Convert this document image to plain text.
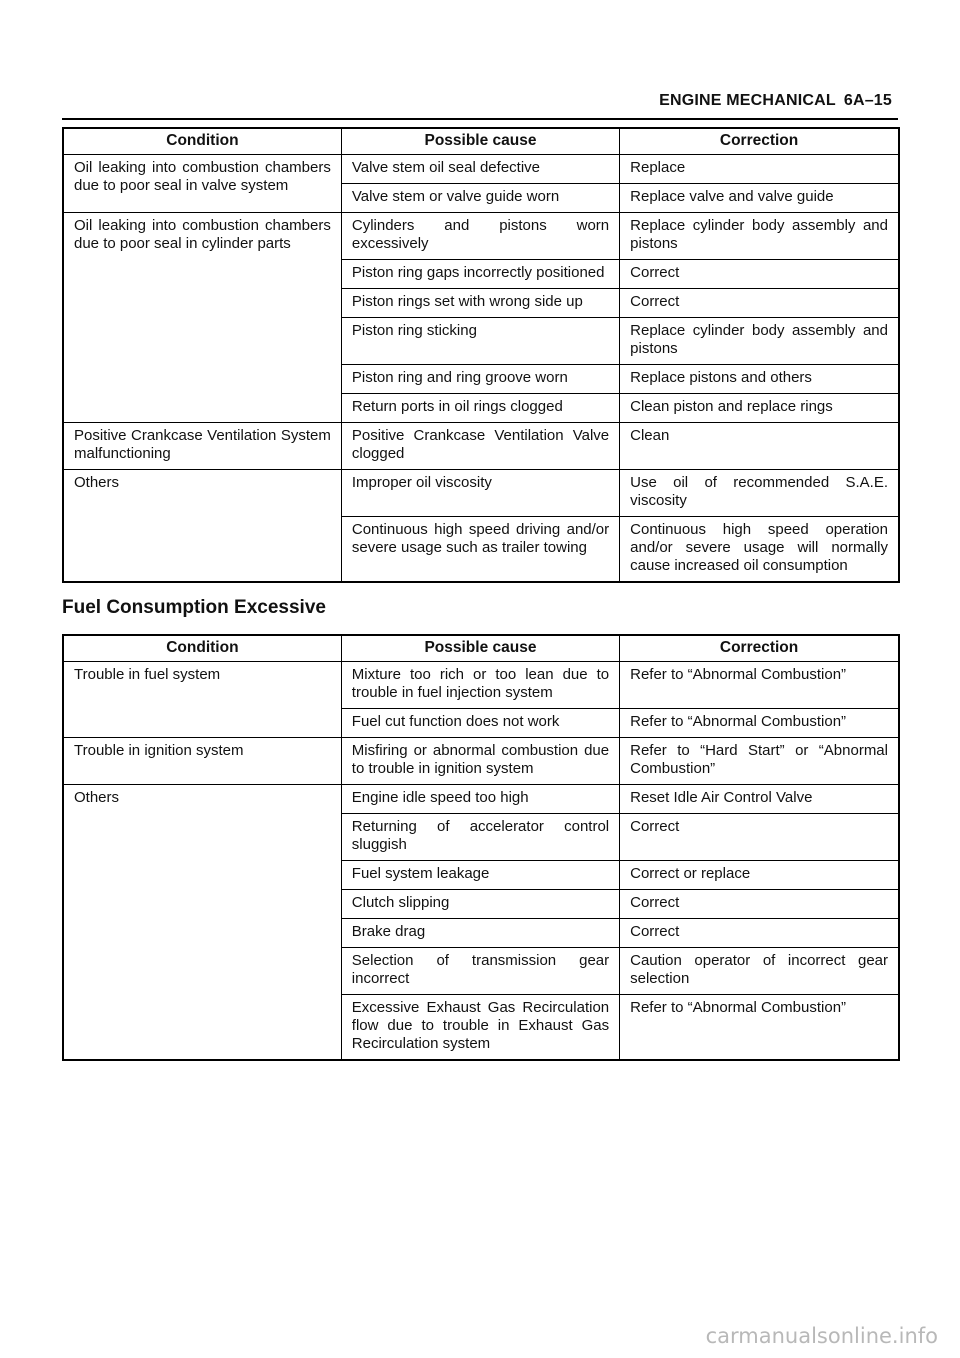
ENGINE MECHANICAL 6A–15
Condition	Possible cause	Correction
Oil leaking into combustion chambers due to poor seal in valve system	Valve stem oil seal defective	Replace
	Valve stem or valve guide worn	Replace valve and valve guide
Oil leaking into combustion chambers due to poor seal in cylinder parts	Cylinders and pistons worn excessively	Replace cylinder body assembly and pistons
	Piston ring gaps incorrectly positioned	Correct
	Piston rings set with wrong side up	Correct
	Piston ring sticking	Replace cylinder body assembly and pistons
	Piston ring and ring groove worn	Replace pistons and others
	Return ports in oil rings clogged	Clean piston and replace rings
Positive Crankcase Ventilation System malfunctioning	Positive Crankcase Ventilation Valve clogged	Clean
Others	Improper oil viscosity	Use oil of recommended S.A.E. viscosity
	Continuous high speed driving and/or severe usage such as trailer towing	Continuous high speed operation and/or severe usage will normally cause increased oil consumption
Fuel Consumption Excessive
Condition	Possible cause	Correction
Trouble in fuel system	Mixture too rich or too lean due to trouble in fuel injection system	Refer to “Abnormal Combustion”
	Fuel cut function does not work	Refer to “Abnormal Combustion”
Trouble in ignition system	Misfiring or abnormal combustion due to trouble in ignition system	Refer to “Hard Start” or “Abnormal Combustion”
Others	Engine idle speed too high	Reset Idle Air Control Valve
	Returning of accelerator control sluggish	Correct
	Fuel system leakage	Correct or replace
	Clutch slipping	Correct
	Brake drag	Correct
	Selection of transmission gear incorrect	Caution operator of incorrect gear selection
	Excessive Exhaust Gas Recirculation flow due to trouble in Exhaust Gas Recirculation system	Refer to “Abnormal Combustion”
carmanualsonline.info
